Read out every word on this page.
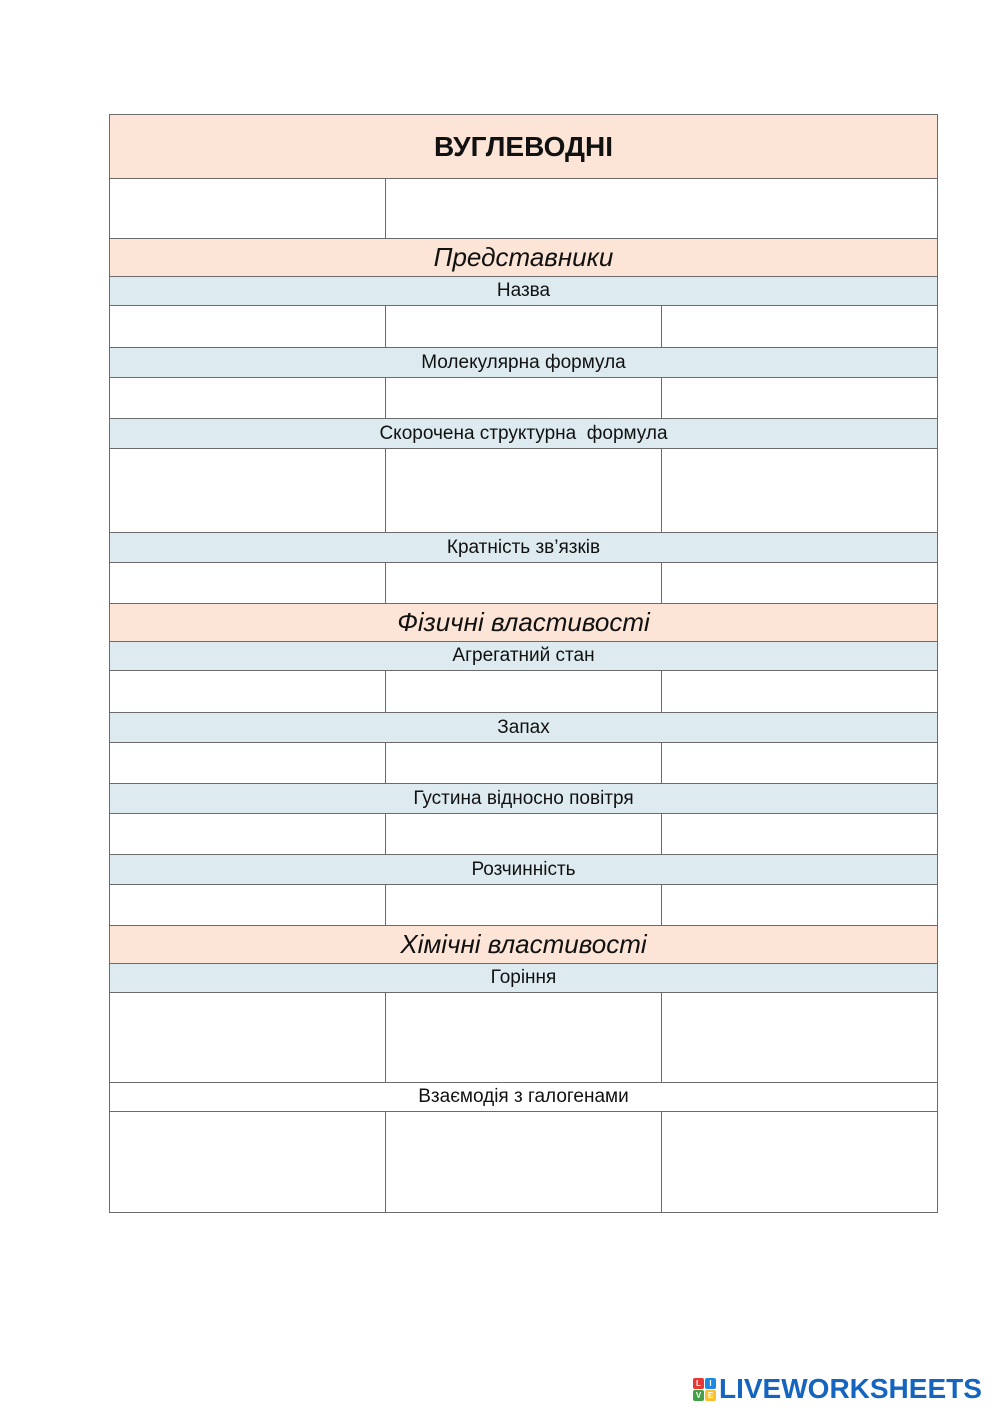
ВУГЛЕВОДНІ		

Представники		
Назва		

Молекулярна формула		

Скорочена структурна  формула		

Кратність зв’язків		

Фізичні властивості		
Агрегатний стан		

Запах		

Густина відносно повітря		

Розчинність		

Хімічні властивості		
Горіння		

Взаємодія з галогенами		

L	I
V E LIVEWORKSHEETS
